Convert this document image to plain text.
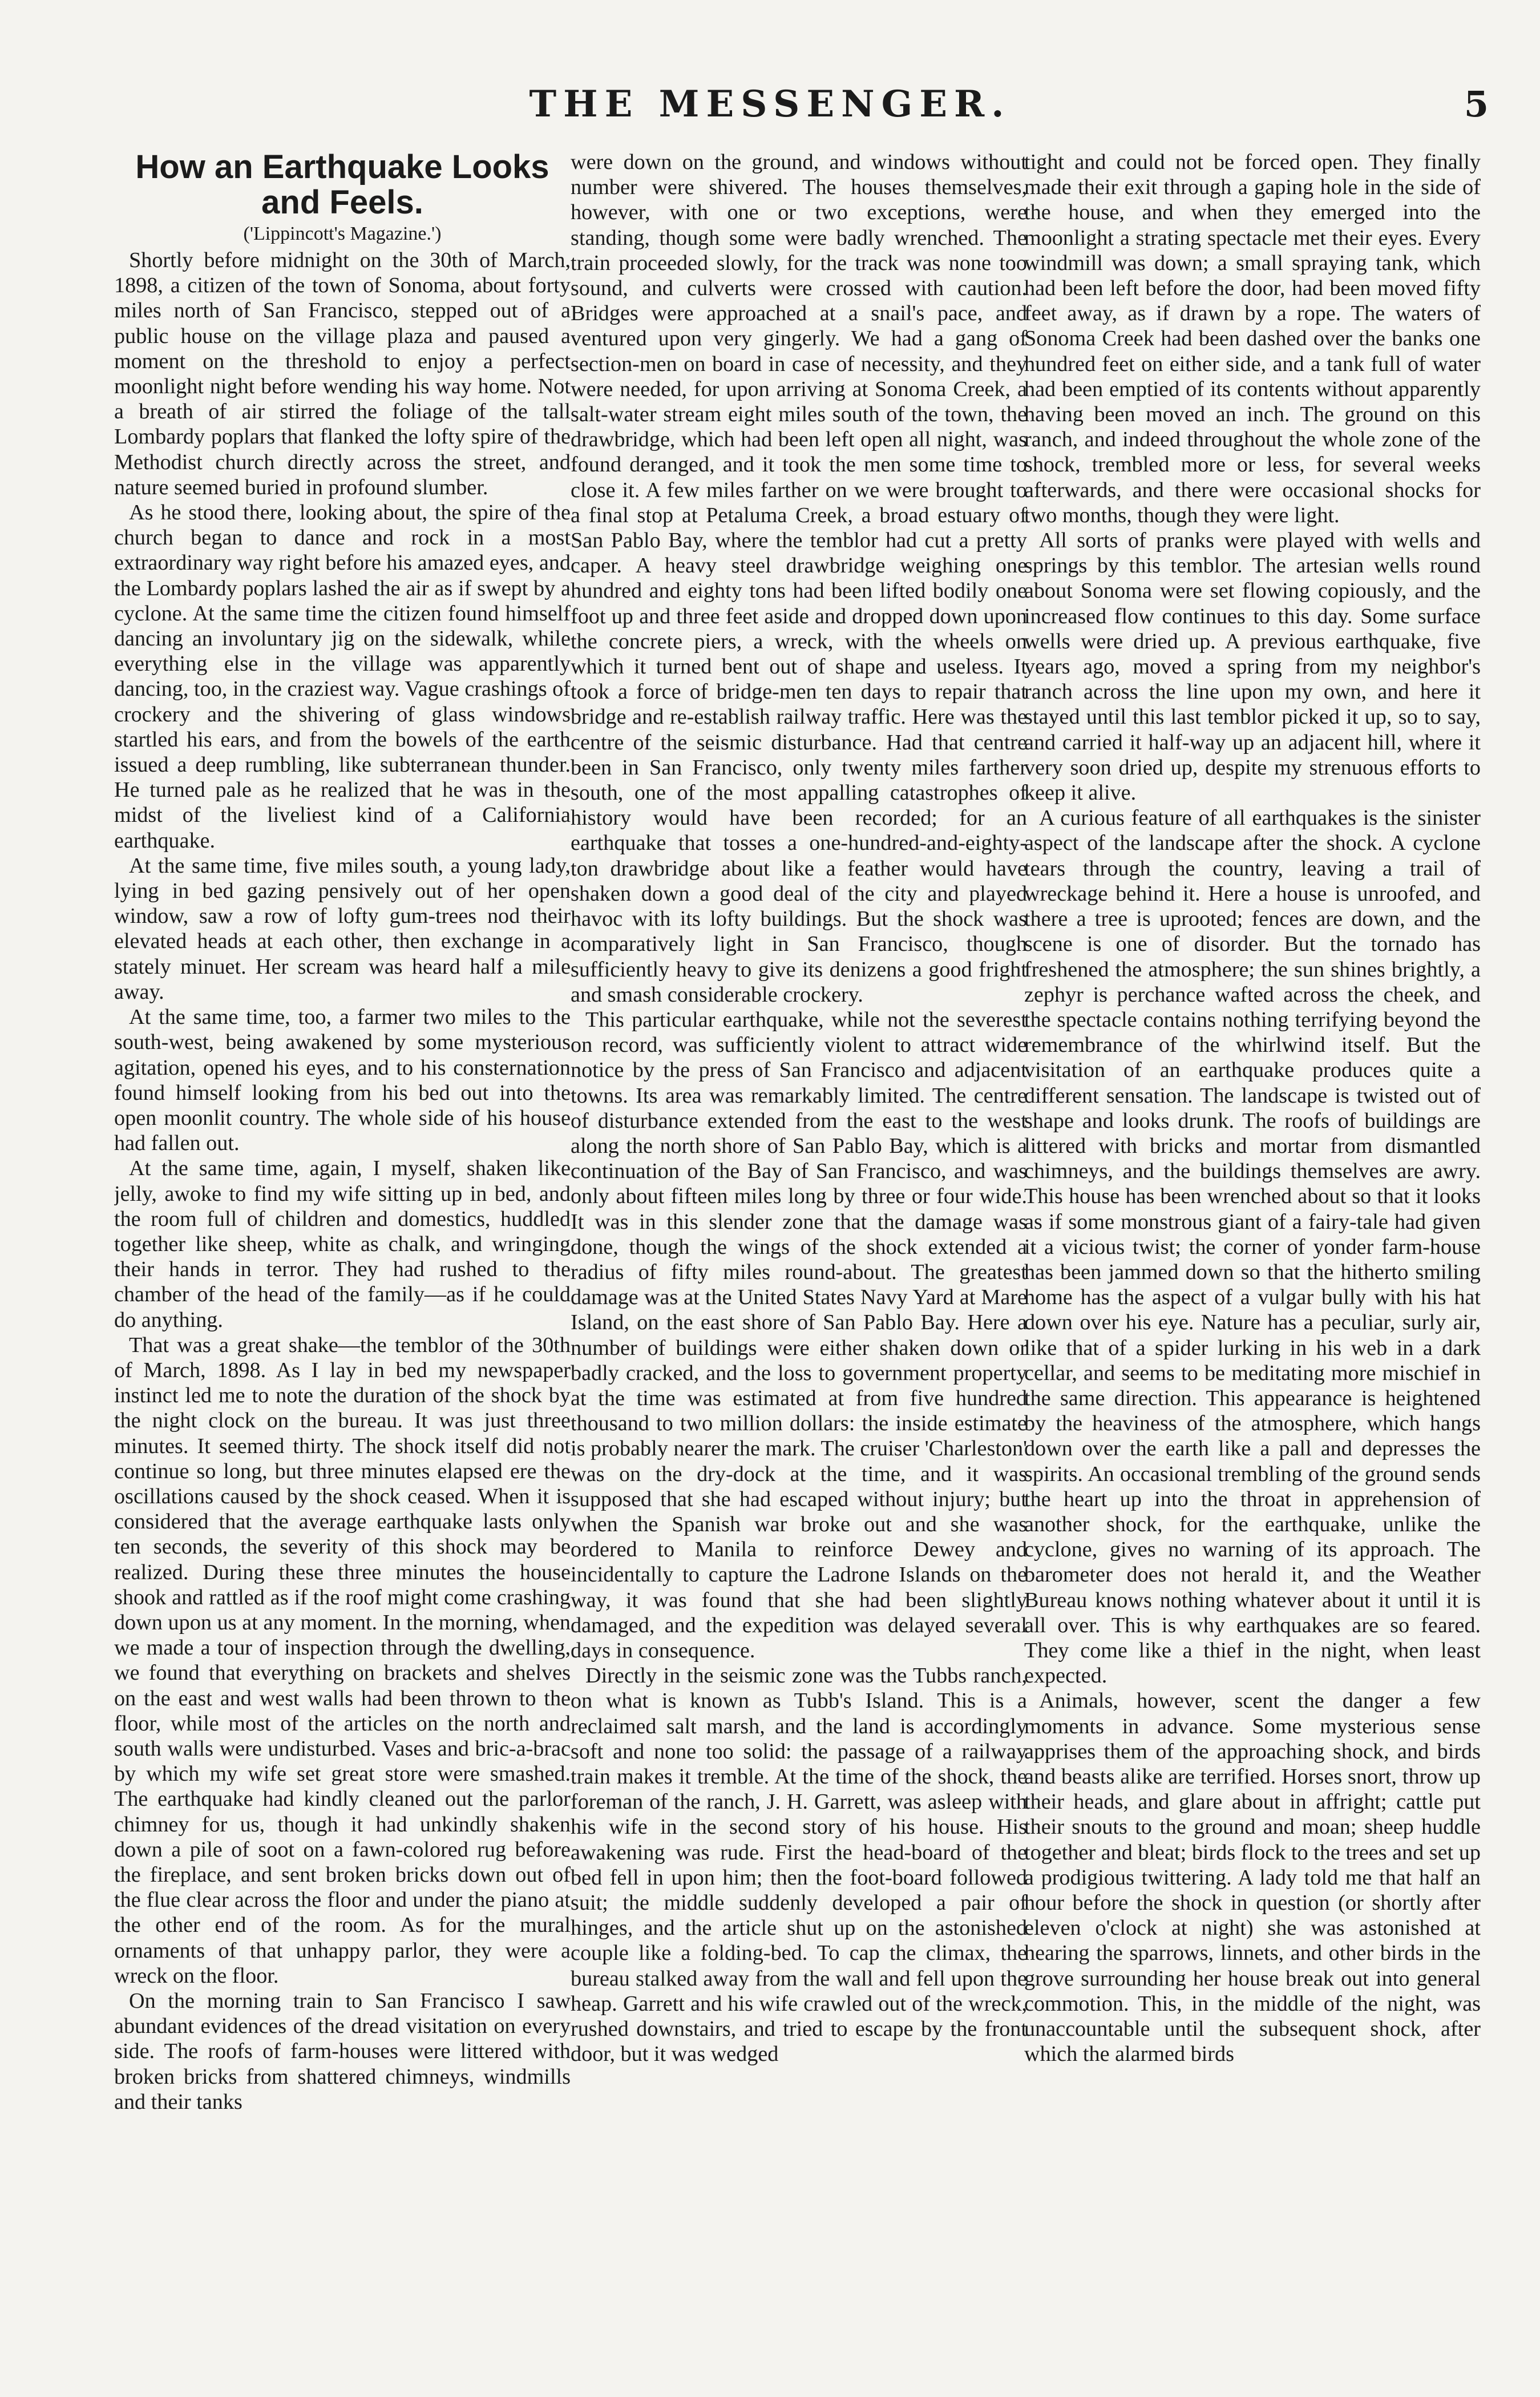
THE MESSENGER.	5
How an Earthquake Looks and Feels.
('Lippincott's Magazine.')

Shortly before midnight on the 30th of March, 1898, a citizen of the town of Sonoma, about forty miles north of San Francisco, stepped out of a public house on the village plaza and paused a moment on the threshold to enjoy a perfect moonlight night before wending his way home. Not a breath of air stirred the foliage of the tall Lombardy poplars that flanked the lofty spire of the Methodist church directly across the street, and nature seemed buried in profound slumber.

As he stood there, looking about, the spire of the church began to dance and rock in a most extraordinary way right before his amazed eyes, and the Lombardy poplars lashed the air as if swept by a cyclone. At the same time the citizen found himself dancing an involuntary jig on the sidewalk, while everything else in the village was apparently dancing, too, in the craziest way. Vague crashings of crockery and the shivering of glass windows startled his ears, and from the bowels of the earth issued a deep rumbling, like subterranean thunder. He turned pale as he realized that he was in the midst of the liveliest kind of a California earthquake.

At the same time, five miles south, a young lady, lying in bed gazing pensively out of her open window, saw a row of lofty gum-trees nod their elevated heads at each other, then exchange in a stately minuet. Her scream was heard half a mile away.

At the same time, too, a farmer two miles to the south-west, being awakened by some mysterious agitation, opened his eyes, and to his consternation found himself looking from his bed out into the open moonlit country. The whole side of his house had fallen out.

At the same time, again, I myself, shaken like jelly, awoke to find my wife sitting up in bed, and the room full of children and domestics, huddled together like sheep, white as chalk, and wringing their hands in terror. They had rushed to the chamber of the head of the family—as if he could do anything.

That was a great shake—the temblor of the 30th of March, 1898. As I lay in bed my newspaper instinct led me to note the duration of the shock by the night clock on the bureau. It was just three minutes. It seemed thirty. The shock itself did not continue so long, but three minutes elapsed ere the oscillations caused by the shock ceased. When it is considered that the average earthquake lasts only ten seconds, the severity of this shock may be realized. During these three minutes the house shook and rattled as if the roof might come crashing down upon us at any moment. In the morning, when we made a tour of inspection through the dwelling, we found that everything on brackets and shelves on the east and west walls had been thrown to the floor, while most of the articles on the north and south walls were undisturbed. Vases and bric-a-brac by which my wife set great store were smashed. The earthquake had kindly cleaned out the parlor chimney for us, though it had unkindly shaken down a pile of soot on a fawn-colored rug before the fireplace, and sent broken bricks down out of the flue clear across the floor and under the piano at the other end of the room. As for the mural ornaments of that unhappy parlor, they were a wreck on the floor.

On the morning train to San Francisco I saw abundant evidences of the dread visitation on every side. The roofs of farm-houses were littered with broken bricks from shattered chimneys, windmills and their tanks

were down on the ground, and windows without number were shivered. The houses themselves, however, with one or two exceptions, were standing, though some were badly wrenched. The train proceeded slowly, for the track was none too sound, and culverts were crossed with caution. Bridges were approached at a snail's pace, and ventured upon very gingerly. We had a gang of section-men on board in case of necessity, and they were needed, for upon arriving at Sonoma Creek, a salt-water stream eight miles south of the town, the drawbridge, which had been left open all night, was found deranged, and it took the men some time to close it. A few miles farther on we were brought to a final stop at Petaluma Creek, a broad estuary of San Pablo Bay, where the temblor had cut a pretty caper. A heavy steel drawbridge weighing one hundred and eighty tons had been lifted bodily one foot up and three feet aside and dropped down upon the concrete piers, a wreck, with the wheels on which it turned bent out of shape and useless. It took a force of bridge-men ten days to repair that bridge and re-establish railway traffic. Here was the centre of the seismic disturbance. Had that centre been in San Francisco, only twenty miles farther south, one of the most appalling catastrophes of history would have been recorded; for an earthquake that tosses a one-hundred-and-eighty-ton drawbridge about like a feather would have shaken down a good deal of the city and played havoc with its lofty buildings. But the shock was comparatively light in San Francisco, though sufficiently heavy to give its denizens a good fright and smash considerable crockery.

This particular earthquake, while not the severest on record, was sufficiently violent to attract wide notice by the press of San Francisco and adjacent towns. Its area was remarkably limited. The centre of disturbance extended from the east to the west along the north shore of San Pablo Bay, which is a continuation of the Bay of San Francisco, and was only about fifteen miles long by three or four wide. It was in this slender zone that the damage was done, though the wings of the shock extended a radius of fifty miles round-about. The greatest damage was at the United States Navy Yard at Mare Island, on the east shore of San Pablo Bay. Here a number of buildings were either shaken down or badly cracked, and the loss to government property at the time was estimated at from five hundred thousand to two million dollars: the inside estimate is probably nearer the mark. The cruiser 'Charleston' was on the dry-dock at the time, and it was supposed that she had escaped without injury; but when the Spanish war broke out and she was ordered to Manila to reinforce Dewey and incidentally to capture the Ladrone Islands on the way, it was found that she had been slightly damaged, and the expedition was delayed several days in consequence.

Directly in the seismic zone was the Tubbs ranch, on what is known as Tubb's Island. This is a reclaimed salt marsh, and the land is accordingly soft and none too solid: the passage of a railway train makes it tremble. At the time of the shock, the foreman of the ranch, J. H. Garrett, was asleep with his wife in the second story of his house. His awakening was rude. First the head-board of the bed fell in upon him; then the foot-board followed suit; the middle suddenly developed a pair of hinges, and the article shut up on the astonished couple like a folding-bed. To cap the climax, the bureau stalked away from the wall and fell upon the heap. Garrett and his wife crawled out of the wreck, rushed downstairs, and tried to escape by the front door, but it was wedged

tight and could not be forced open. They finally made their exit through a gaping hole in the side of the house, and when they emerged into the moonlight a strating spectacle met their eyes. Every windmill was down; a small spraying tank, which had been left before the door, had been moved fifty feet away, as if drawn by a rope. The waters of Sonoma Creek had been dashed over the banks one hundred feet on either side, and a tank full of water had been emptied of its contents without apparently having been moved an inch. The ground on this ranch, and indeed throughout the whole zone of the shock, trembled more or less, for several weeks afterwards, and there were occasional shocks for two months, though they were light.

All sorts of pranks were played with wells and springs by this temblor. The artesian wells round about Sonoma were set flowing copiously, and the increased flow continues to this day. Some surface wells were dried up. A previous earthquake, five years ago, moved a spring from my neighbor's ranch across the line upon my own, and here it stayed until this last temblor picked it up, so to say, and carried it half-way up an adjacent hill, where it very soon dried up, despite my strenuous efforts to keep it alive.

A curious feature of all earthquakes is the sinister aspect of the landscape after the shock. A cyclone tears through the country, leaving a trail of wreckage behind it. Here a house is unroofed, and there a tree is uprooted; fences are down, and the scene is one of disorder. But the tornado has freshened the atmosphere; the sun shines brightly, a zephyr is perchance wafted across the cheek, and the spectacle contains nothing terrifying beyond the remembrance of the whirlwind itself. But the visitation of an earthquake produces quite a different sensation. The landscape is twisted out of shape and looks drunk. The roofs of buildings are littered with bricks and mortar from dismantled chimneys, and the buildings themselves are awry. This house has been wrenched about so that it looks as if some monstrous giant of a fairy-tale had given it a vicious twist; the corner of yonder farm-house has been jammed down so that the hitherto smiling home has the aspect of a vulgar bully with his hat down over his eye. Nature has a peculiar, surly air, like that of a spider lurking in his web in a dark cellar, and seems to be meditating more mischief in the same direction. This appearance is heightened by the heaviness of the atmosphere, which hangs down over the earth like a pall and depresses the spirits. An occasional trembling of the ground sends the heart up into the throat in apprehension of another shock, for the earthquake, unlike the cyclone, gives no warning of its approach. The barometer does not herald it, and the Weather Bureau knows nothing whatever about it until it is all over. This is why earthquakes are so feared. They come like a thief in the night, when least expected.

Animals, however, scent the danger a few moments in advance. Some mysterious sense apprises them of the approaching shock, and birds and beasts alike are terrified. Horses snort, throw up their heads, and glare about in affright; cattle put their snouts to the ground and moan; sheep huddle together and bleat; birds flock to the trees and set up a prodigious twittering. A lady told me that half an hour before the shock in question (or shortly after eleven o'clock at night) she was astonished at hearing the sparrows, linnets, and other birds in the grove surrounding her house break out into general commotion. This, in the middle of the night, was unaccountable until the subsequent shock, after which the alarmed birds
